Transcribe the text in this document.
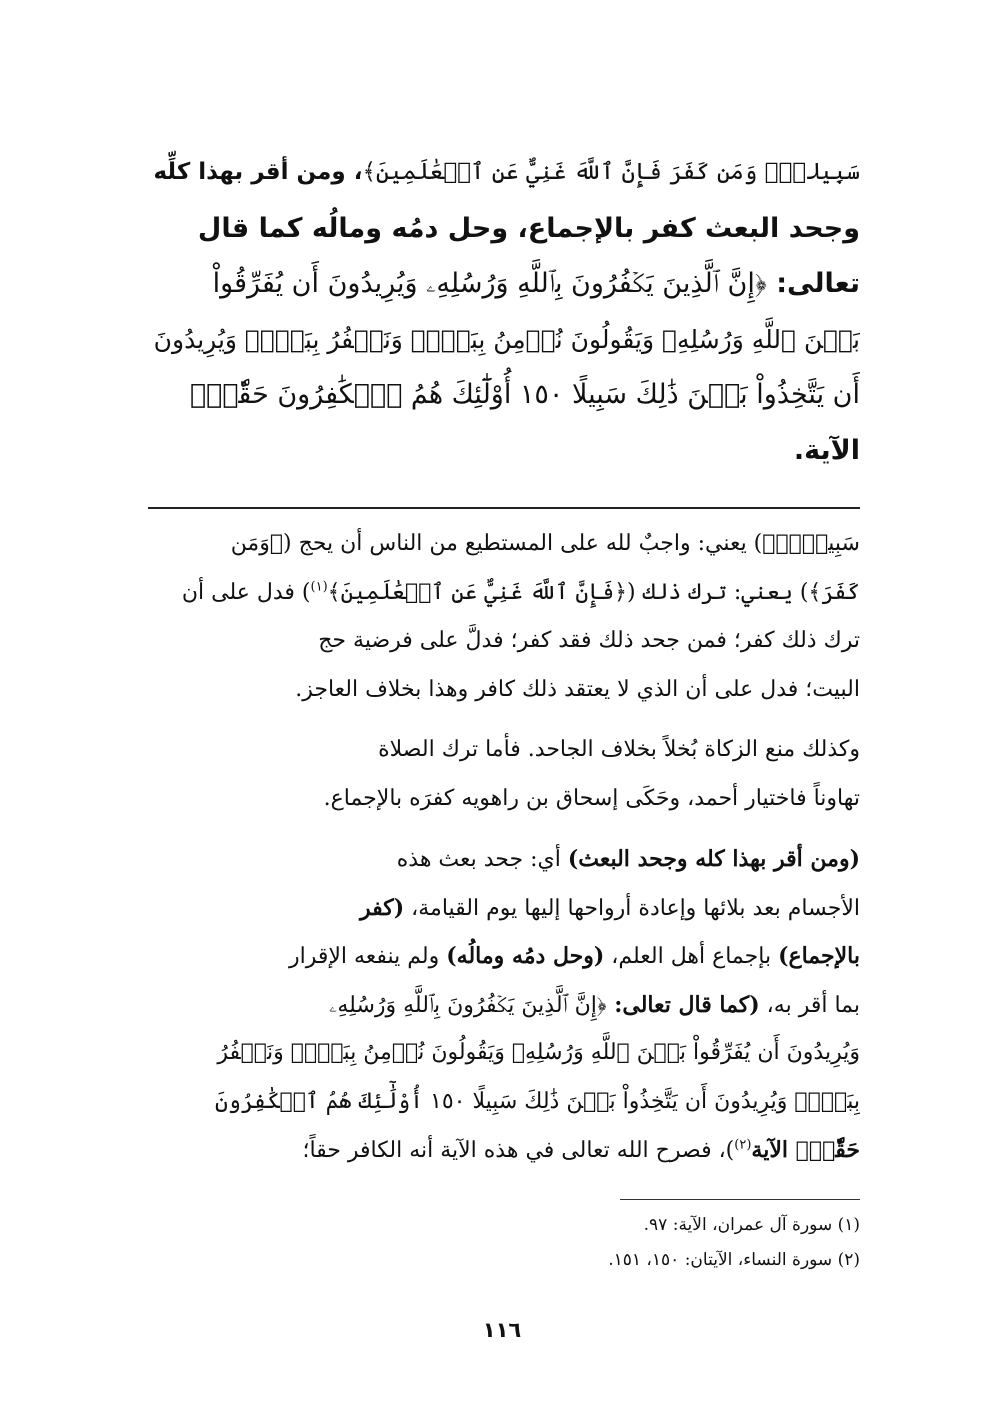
سَبِيلاًۚ وَمَن كَفَرَ فَإِنَّ ٱللَّهَ غَنِيٌّ عَنِ ٱلۡعَٰلَمِينَ﴾، ومن أقر بهذا كلِّه
وجحد البعث كفر بالإجماع، وحل دمُه ومالُه كما قال
تعالى: ﴿إِنَّ ٱلَّذِينَ يَكۡفُرُونَ بِٱللَّهِ وَرُسُلِهِۦ وَيُرِيدُونَ أَن يُفَرِّقُواْ
بَيۡنَ ٱللَّهِ وَرُسُلِهِۦ وَيَقُولُونَ نُؤۡمِنُ بِبَعۡضٖ وَنَكۡفُرُ بِبَعۡضٖ وَيُرِيدُونَ
أَن يَتَّخِذُواْ بَيۡنَ ذَٰلِكَ سَبِيلًا ١٥٠ أُوْلَٰٓئِكَ هُمُ ٱلۡكَٰفِرُونَ حَقّٗاۚ﴾
الآية.
سَبِيلاًۚ﴾) يعني: واجبٌ لله على المستطيع من الناس أن يحج (﴿وَمَن
كَفَرَ﴾) يعني: ترك ذلك (﴿فَإِنَّ ٱللَّهَ غَنِيٌّ عَنِ ٱلۡعَٰلَمِينَ﴾$^{(١)}$) فدل على أن
ترك ذلك كفر؛ فمن جحد ذلك فقد كفر؛ فدلَّ على فرضية حج
البيت؛ فدل على أن الذي لا يعتقد ذلك كافر وهذا بخلاف العاجز.
وكذلك منع الزكاة بُخلاً بخلاف الجاحد. فأما ترك الصلاة
تهاوناً فاختيار أحمد، وحَكَى إسحاق بن راهويه كفرَه بالإجماع.
(ومن أقر بهذا كله وجحد البعث) أي: جحد بعث هذه
الأجسام بعد بلائها وإعادة أرواحها إليها يوم القيامة، (كفر
بالإجماع) بإجماع أهل العلم، (وحل دمُه ومالُه) ولم ينفعه الإقرار
بما أقر به، (كما قال تعالى: ﴿إِنَّ ٱلَّذِينَ يَكۡفُرُونَ بِٱللَّهِ وَرُسُلِهِۦ
وَيُرِيدُونَ أَن يُفَرِّقُواْ بَيۡنَ ٱللَّهِ وَرُسُلِهِۦ وَيَقُولُونَ نُؤۡمِنُ بِبَعۡضٖ وَنَكۡفُرُ
بِبَعۡضٖ وَيُرِيدُونَ أَن يَتَّخِذُواْ بَيۡنَ ذَٰلِكَ سَبِيلًا ١٥٠ أُوْلَٰٓئِكَ هُمُ ٱلۡكَٰفِرُونَ
حَقّٗاۚ﴾ الآية$^{(٢)}$)، فصرح الله تعالى في هذه الآية أنه الكافر حقاً؛
(١) سورة آل عمران، الآية: ٩٧.
(٢) سورة النساء، الآيتان: ١٥٠، ١٥١.
١١٦
